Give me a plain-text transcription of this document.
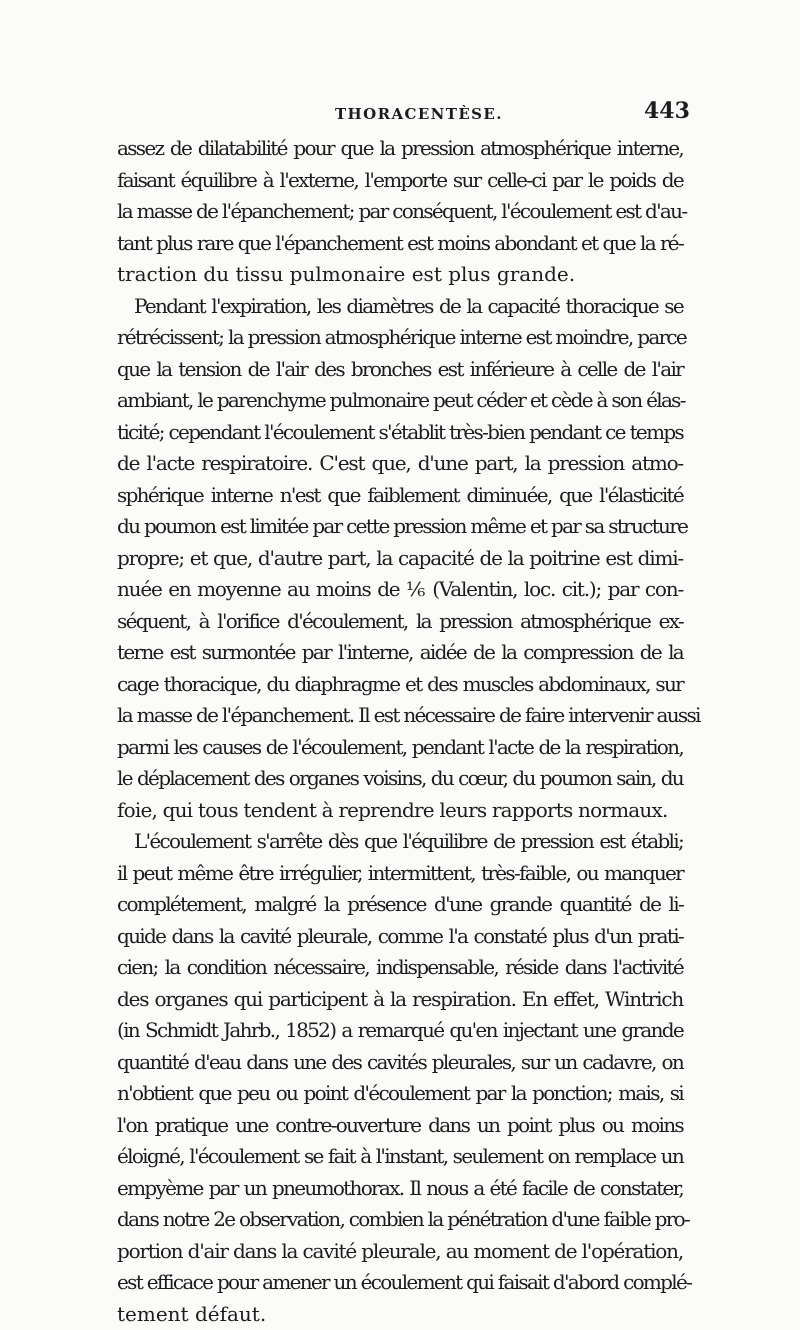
THORACENTÈSE.	443

assez de dilatabilité pour que la pression atmosphérique interne,
faisant équilibre à l'externe, l'emporte sur celle-ci par le poids de
la masse de l'épanchement; par conséquent, l'écoulement est d'au-
tant plus rare que l'épanchement est moins abondant et que la ré-
traction du tissu pulmonaire est plus grande.

Pendant l'expiration, les diamètres de la capacité thoracique se
rétrécissent; la pression atmosphérique interne est moindre, parce
que la tension de l'air des bronches est inférieure à celle de l'air
ambiant, le parenchyme pulmonaire peut céder et cède à son élas-
ticité; cependant l'écoulement s'établit très-bien pendant ce temps
de l'acte respiratoire. C'est que, d'une part, la pression atmo-
sphérique interne n'est que faiblement diminuée, que l'élasticité
du poumon est limitée par cette pression même et par sa structure
propre; et que, d'autre part, la capacité de la poitrine est dimi-
nuée en moyenne au moins de ⅙ (Valentin, loc. cit.); par con-
séquent, à l'orifice d'écoulement, la pression atmosphérique ex-
terne est surmontée par l'interne, aidée de la compression de la
cage thoracique, du diaphragme et des muscles abdominaux, sur
la masse de l'épanchement. Il est nécessaire de faire intervenir aussi
parmi les causes de l'écoulement, pendant l'acte de la respiration,
le déplacement des organes voisins, du cœur, du poumon sain, du
foie, qui tous tendent à reprendre leurs rapports normaux.

L'écoulement s'arrête dès que l'équilibre de pression est établi;
il peut même être irrégulier, intermittent, très-faible, ou manquer
complétement, malgré la présence d'une grande quantité de li-
quide dans la cavité pleurale, comme l'a constaté plus d'un prati-
cien; la condition nécessaire, indispensable, réside dans l'activité
des organes qui participent à la respiration. En effet, Wintrich
(in Schmidt Jahrb., 1852) a remarqué qu'en injectant une grande
quantité d'eau dans une des cavités pleurales, sur un cadavre, on
n'obtient que peu ou point d'écoulement par la ponction; mais, si
l'on pratique une contre-ouverture dans un point plus ou moins
éloigné, l'écoulement se fait à l'instant, seulement on remplace un
empyème par un pneumothorax. Il nous a été facile de constater,
dans notre 2e observation, combien la pénétration d'une faible pro-
portion d'air dans la cavité pleurale, au moment de l'opération,
est efficace pour amener un écoulement qui faisait d'abord complé-
tement défaut.
